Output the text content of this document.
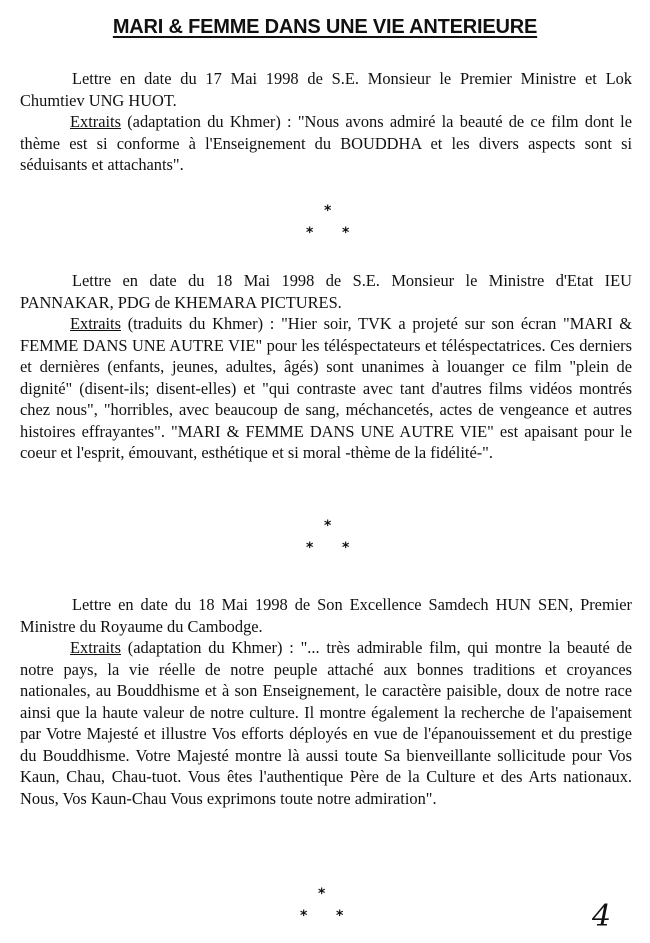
MARI & FEMME DANS UNE VIE ANTERIEURE

Lettre en date du 17 Mai 1998 de S.E. Monsieur le Premier Ministre et Lok Chumtiev UNG HUOT.

Extraits (adaptation du Khmer) : "Nous avons admiré la beauté de ce film dont le thème est si conforme à l'Enseignement du BOUDDHA et les divers aspects sont si séduisants et attachants".

*
* *

Lettre en date du 18 Mai 1998 de S.E. Monsieur le Ministre d'Etat IEU PANNAKAR, PDG de KHEMARA PICTURES.

Extraits (traduits du Khmer) : "Hier soir, TVK a projeté sur son écran "MARI & FEMME DANS UNE AUTRE VIE" pour les téléspectateurs et téléspectatrices. Ces derniers et dernières (enfants, jeunes, adultes, âgés) sont unanimes à louanger ce film "plein de dignité" (disent-ils; disent-elles) et "qui contraste avec tant d'autres films vidéos montrés chez nous", "horribles, avec beaucoup de sang, méchancetés, actes de vengeance et autres histoires effrayantes". "MARI & FEMME DANS UNE AUTRE VIE" est apaisant pour le coeur et l'esprit, émouvant, esthétique et si moral -thème de la fidélité-".

*
* *

Lettre en date du 18 Mai 1998 de Son Excellence Samdech HUN SEN, Premier Ministre du Royaume du Cambodge.

Extraits (adaptation du Khmer) : "... très admirable film, qui montre la beauté de notre pays, la vie réelle de notre peuple attaché aux bonnes traditions et croyances nationales, au Bouddhisme et à son Enseignement, le caractère paisible, doux de notre race ainsi que la haute valeur de notre culture. Il montre également la recherche de l'apaisement par Votre Majesté et illustre Vos efforts déployés en vue de l'épanouissement et du prestige du Bouddhisme. Votre Majesté montre là aussi toute Sa bienveillante sollicitude pour Vos Kaun, Chau, Chau-tuot. Vous êtes l'authentique Père de la Culture et des Arts nationaux. Nous, Vos Kaun-Chau Vous exprimons toute notre admiration".

*
* *	4
